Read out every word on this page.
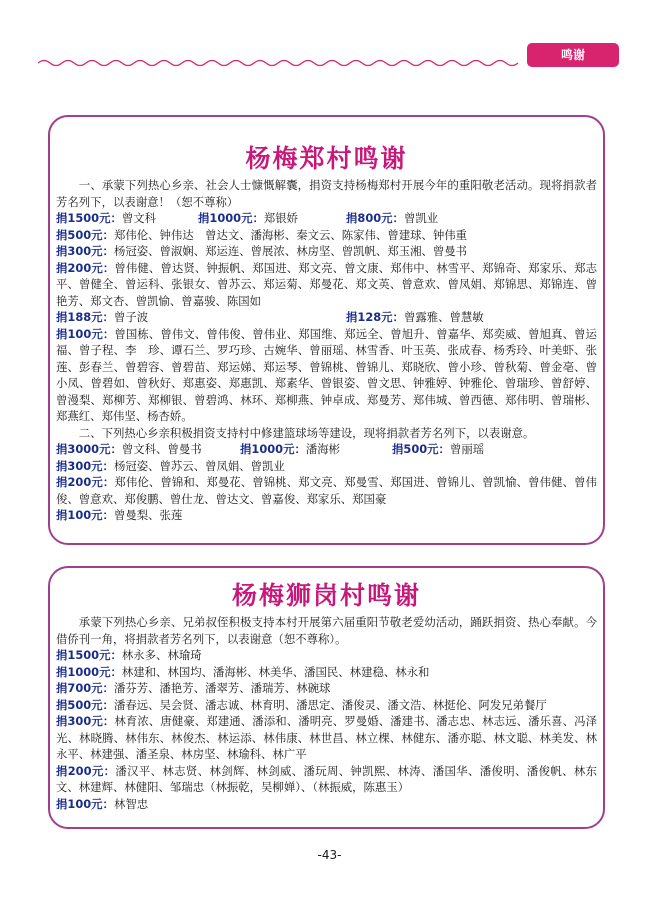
鸣谢
杨梅郑村鸣谢

一、承蒙下列热心乡亲、社会人士慷慨解囊，捐资支持杨梅郑村开展今年的重阳敬老活动。现将捐款者芳名列下，以表谢意！（恕不尊称）

捐1500元：曾文科	捐1000元：郑银娇	捐800元：曾凯业

捐500元：郑伟伦、钟伟达　曾达文、潘海彬、秦文云、陈家伟、曾建球、钟伟重

捐300元：杨冠姿、曾淑娴、郑运连、曾展浓、林房坚、曾凯帆、郑玉湘、曾曼书

捐200元：曾伟健、曾达贤、钟振帆、郑国进、郑文亮、曾文康、郑伟中、林雪平、郑锦奇、郑家乐、郑志平、曾健全、曾运科、张银女、曾苏云、郑运菊、郑曼花、郑文英、曾意欢、曾凤娟、郑锦思、郑锦连、曾艳芳、郑文杏、曾凯愉、曾嘉骏、陈国如

捐188元：曾子波	捐128元：曾露雅、曾慧敏

捐100元：曾国栋、曾伟文、曾伟俊、曾伟业、郑国维、郑远全、曾旭升、曾嘉华、郑奕威、曾旭真、曾运福、曾子程、李　珍、谭石兰、罗巧珍、古婉华、曾丽瑶、林雪香、叶玉英、张成春、杨秀玲、叶美虾、张　莲、彭春兰、曾碧容、曾碧苗、郑运娣、郑运琴、曾锦桃、曾锦儿、郑晓欣、曾小珍、曾秋菊、曾金亳、曾小凤、曾碧如、曾秋好、郑惠姿、郑惠凯、郑素华、曾银姿、曾文思、钟雅婷、钟雅伦、曾瑞珍、曾舒婷、曾漫梨、郑柳芳、郑柳银、曾碧鸿、林环、郑柳燕、钟卓成、郑曼芳、郑伟城、曾西德、郑伟明、曾瑞彬、郑燕红、郑伟坚、杨杏娇。

二、下列热心乡亲积极捐资支持村中修建篮球场等建设，现将捐款者芳名列下，以表谢意。

捐3000元：曾文科、曾曼书	捐1000元：潘海彬	捐500元：曾丽瑶

捐300元：杨冠姿、曾苏云、曾凤娟、曾凯业

捐200元：郑伟伦、曾锦和、郑曼花、曾锦桃、郑文亮、郑曼雪、郑国进、曾锦儿、曾凯愉、曾伟健、曾伟俊、曾意欢、郑俊鹏、曾仕龙、曾达文、曾嘉俊、郑家乐、郑国豪

捐100元：曾曼梨、张莲

杨梅狮岗村鸣谢

承蒙下列热心乡亲、兄弟叔侄积极支持本村开展第六届重阳节敬老爱幼活动，踊跃捐资、热心奉献。今借侨刊一角，将捐款者芳名列下，以表谢意（恕不尊称）。

捐1500元：林永多、林瑜琦

捐1000元：林建和、林国均、潘海彬、林美华、潘国民、林建稳、林永和

捐700元：潘芬芳、潘艳芳、潘翠芳、潘瑞芳、林碗球

捐500元：潘春远、吴会贤、潘志诚、林育明、潘思定、潘俊灵、潘文浩、林挺伦、阿发兄弟餐厅

捐300元：林育浓、唐健豪、郑建通、潘添和、潘明亮、罗曼婚、潘建书、潘志忠、林志远、潘乐喜、冯泽光、林晓腾、林伟东、林俊杰、林运添、林伟康、林世昌、林立棵、林健东、潘亦聪、林文聪、林美发、林永平、林建强、潘圣泉、林房坚、林瑜科、林广平

捐200元：潘汉平、林志贤、林剑辉、林剑威、潘玩周、钟凯熙、林涛、潘国华、潘俊明、潘俊帆、林东文、林建辉、林健阳、邹瑞忠（林振乾，吴柳婵）、（林振威，陈惠玉）

捐100元：林智忠

-43-
